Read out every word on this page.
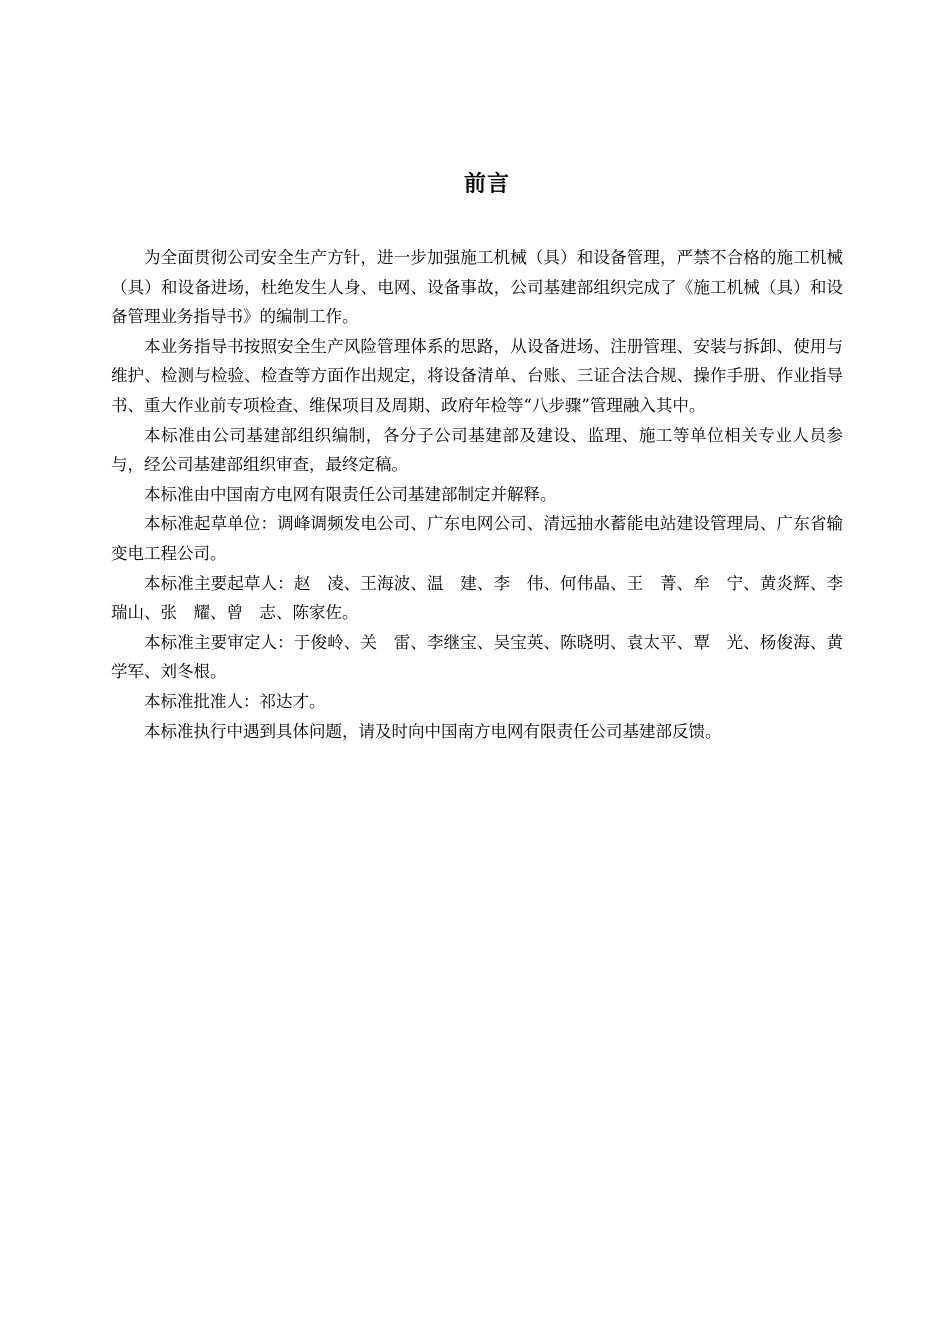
前言

为全面贯彻公司安全生产方针，进一步加强施工机械（具）和设备管理，严禁不合格的施工机械（具）和设备进场，杜绝发生人身、电网、设备事故，公司基建部组织完成了《施工机械（具）和设备管理业务指导书》的编制工作。

本业务指导书按照安全生产风险管理体系的思路，从设备进场、注册管理、安装与拆卸、使用与维护、检测与检验、检查等方面作出规定，将设备清单、台账、三证合法合规、操作手册、作业指导书、重大作业前专项检查、维保项目及周期、政府年检等“八步骤”管理融入其中。

本标准由公司基建部组织编制，各分子公司基建部及建设、监理、施工等单位相关专业人员参与，经公司基建部组织审查，最终定稿。

本标准由中国南方电网有限责任公司基建部制定并解释。

本标准起草单位：调峰调频发电公司、广东电网公司、清远抽水蓄能电站建设管理局、广东省输变电工程公司。

本标准主要起草人：赵　凌、王海波、温　建、李　伟、何伟晶、王　菁、牟　宁、黄炎辉、李瑞山、张　耀、曾　志、陈家佐。

本标准主要审定人：于俊岭、关　雷、李继宝、吴宝英、陈晓明、袁太平、覃　光、杨俊海、黄学军、刘冬根。

本标准批准人：祁达才。

本标准执行中遇到具体问题，请及时向中国南方电网有限责任公司基建部反馈。
